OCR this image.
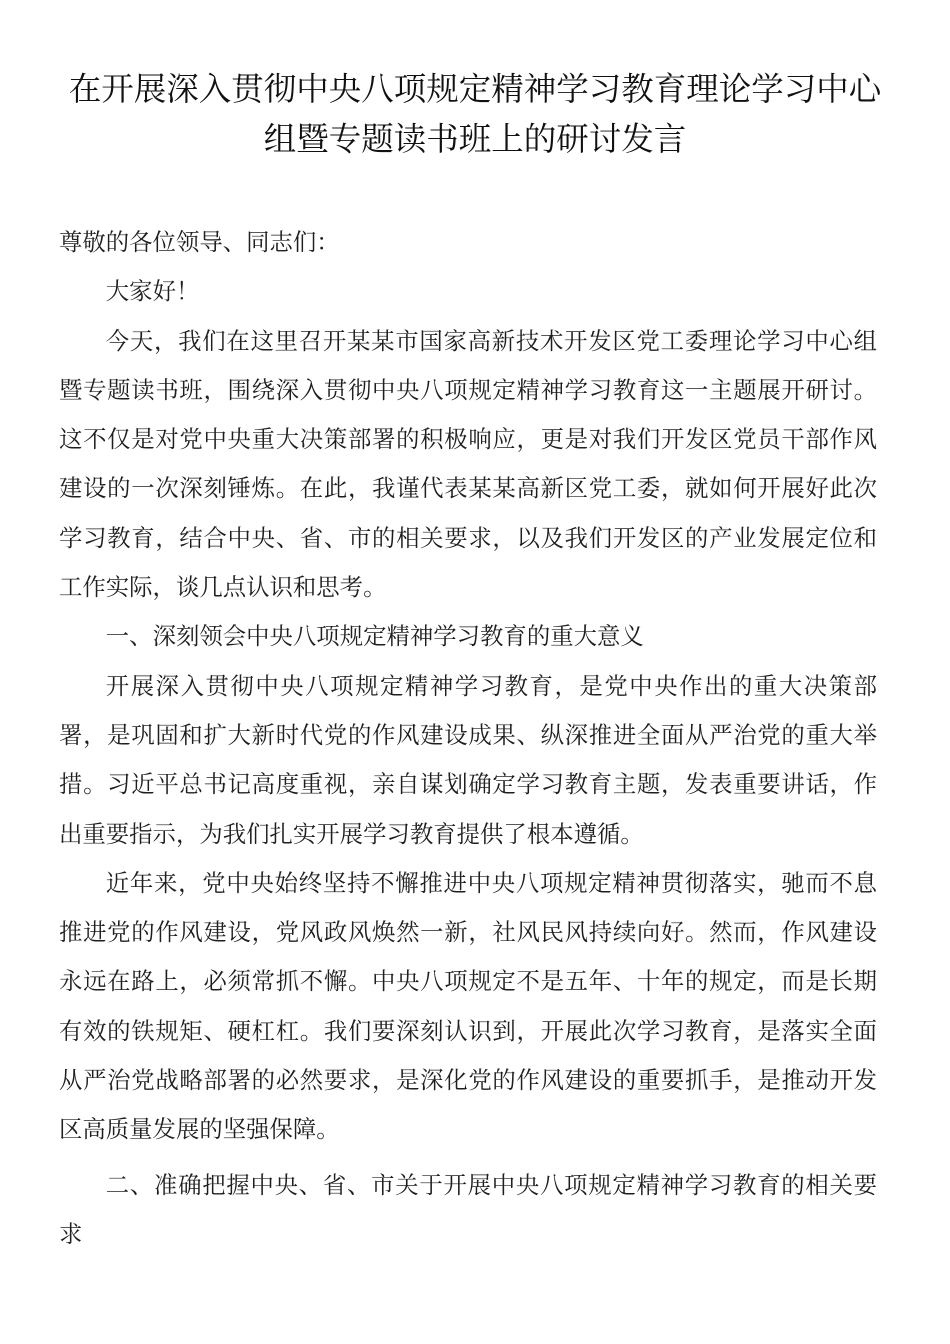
在开展深入贯彻中央八项规定精神学习教育理论学习中心组暨专题读书班上的研讨发言

尊敬的各位领导、同志们：

大家好！

今天，我们在这里召开某某市国家高新技术开发区党工委理论学习中心组暨专题读书班，围绕深入贯彻中央八项规定精神学习教育这一主题展开研讨。这不仅是对党中央重大决策部署的积极响应，更是对我们开发区党员干部作风建设的一次深刻锤炼。在此，我谨代表某某高新区党工委，就如何开展好此次学习教育，结合中央、省、市的相关要求，以及我们开发区的产业发展定位和工作实际，谈几点认识和思考。

一、深刻领会中央八项规定精神学习教育的重大意义

开展深入贯彻中央八项规定精神学习教育，是党中央作出的重大决策部署，是巩固和扩大新时代党的作风建设成果、纵深推进全面从严治党的重大举措。习近平总书记高度重视，亲自谋划确定学习教育主题，发表重要讲话，作出重要指示，为我们扎实开展学习教育提供了根本遵循。

近年来，党中央始终坚持不懈推进中央八项规定精神贯彻落实，驰而不息推进党的作风建设，党风政风焕然一新，社风民风持续向好。然而，作风建设永远在路上，必须常抓不懈。中央八项规定不是五年、十年的规定，而是长期有效的铁规矩、硬杠杠。我们要深刻认识到，开展此次学习教育，是落实全面从严治党战略部署的必然要求，是深化党的作风建设的重要抓手，是推动开发区高质量发展的坚强保障。

二、准确把握中央、省、市关于开展中央八项规定精神学习教育的相关要求
